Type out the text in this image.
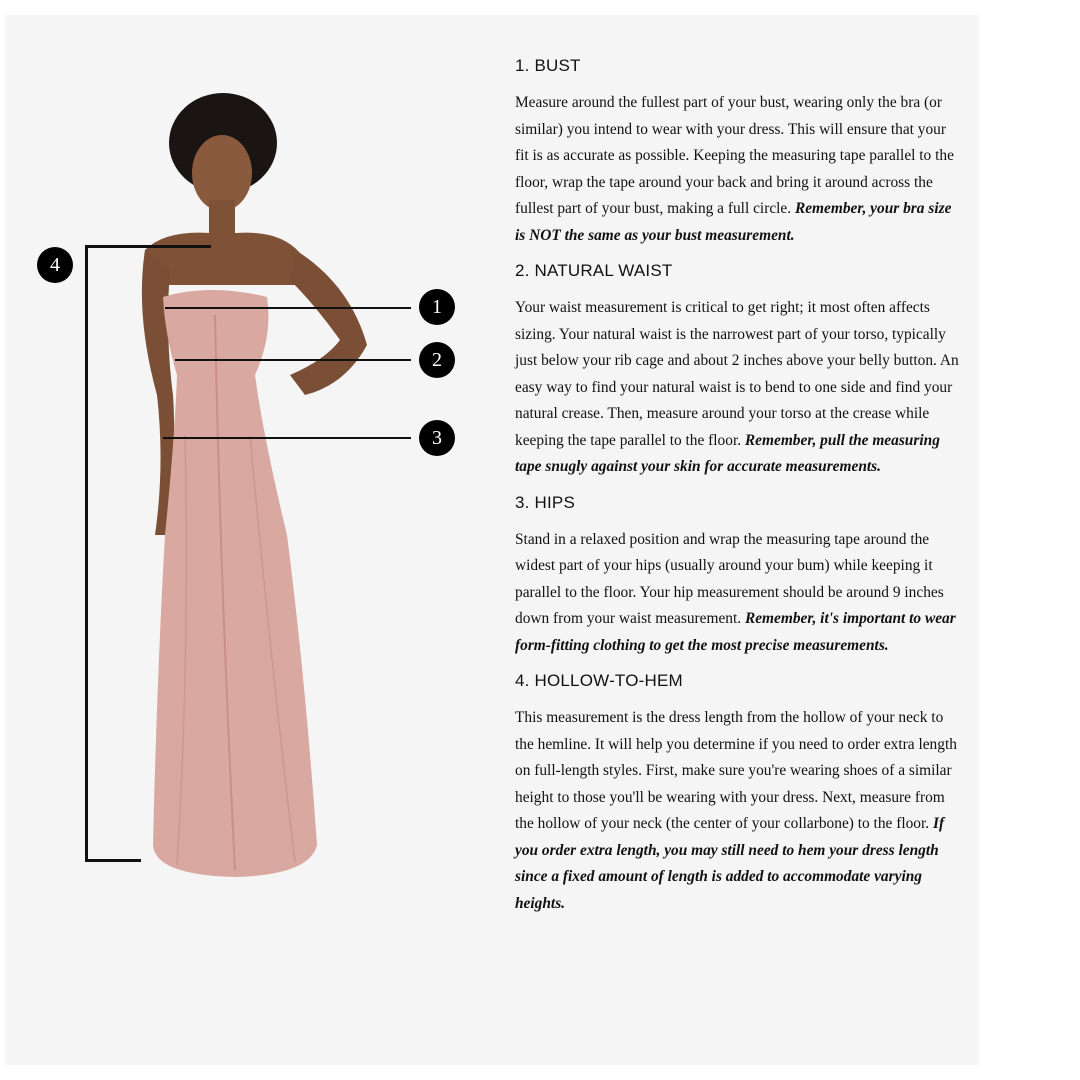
1
2
3
4
1. BUST

Measure around the fullest part of your bust, wearing only the bra (or similar) you intend to wear with your dress. This will ensure that your fit is as accurate as possible. Keeping the measuring tape parallel to the floor, wrap the tape around your back and bring it around across the fullest part of your bust, making a full circle. Remember, your bra size is NOT the same as your bust measurement.

2. NATURAL WAIST

Your waist measurement is critical to get right; it most often affects sizing. Your natural waist is the narrowest part of your torso, typically just below your rib cage and about 2 inches above your belly button. An easy way to find your natural waist is to bend to one side and find your natural crease. Then, measure around your torso at the crease while keeping the tape parallel to the floor. Remember, pull the measuring tape snugly against your skin for accurate measurements.

3. HIPS

Stand in a relaxed position and wrap the measuring tape around the widest part of your hips (usually around your bum) while keeping it parallel to the floor. Your hip measurement should be around 9 inches down from your waist measurement. Remember, it's important to wear form-fitting clothing to get the most precise measurements.

4. HOLLOW-TO-HEM

This measurement is the dress length from the hollow of your neck to the hemline. It will help you determine if you need to order extra length on full-length styles. First, make sure you're wearing shoes of a similar height to those you'll be wearing with your dress. Next, measure from the hollow of your neck (the center of your collarbone) to the floor. If you order extra length, you may still need to hem your dress length since a fixed amount of length is added to accommodate varying heights.
